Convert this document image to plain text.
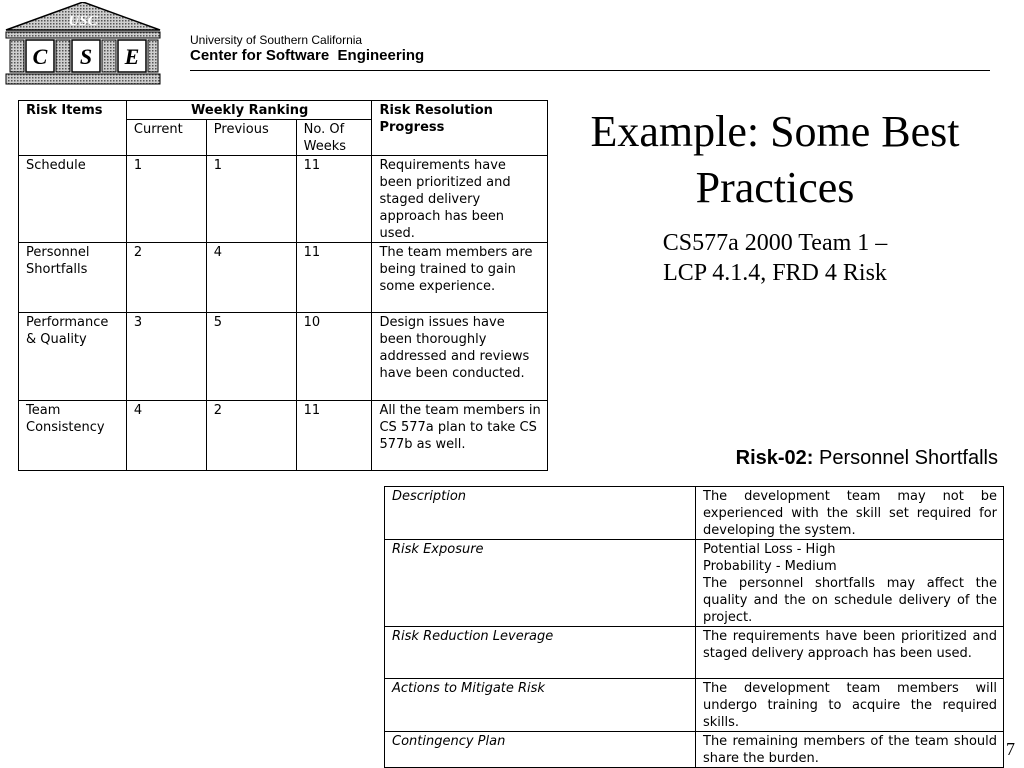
USC
C S E
University of Southern California
Center for Software  Engineering
Example: Some Best Practices
CS577a 2000 Team 1 –
LCP 4.1.4, FRD 4 Risk
Risk Items	Weekly Ranking			Risk Resolution Progress
	Current	Previous	No. Of Weeks	
Schedule	1	1	11	Requirements have been prioritized and staged delivery approach has been used.
Personnel Shortfalls	2	4	11	The team members are being trained to gain some experience.
Performance & Quality	3	5	10	Design issues have been thoroughly addressed and reviews have been conducted.
Team Consistency	4	2	11	All the team members in CS 577a plan to take CS 577b as well.
Risk-02: Personnel Shortfalls
Description	The development team may not be experienced with the skill set required for developing the system.

Risk Exposure	Potential Loss - High
Probability - Medium
The personnel shortfalls may affect the quality and the on schedule delivery of the project.

Risk Reduction Leverage	The requirements have been prioritized and staged delivery approach has been used.

Actions to Mitigate Risk	The development team members will undergo training to acquire the required skills.

Contingency Plan	The remaining members of the team should share the burden.	7
